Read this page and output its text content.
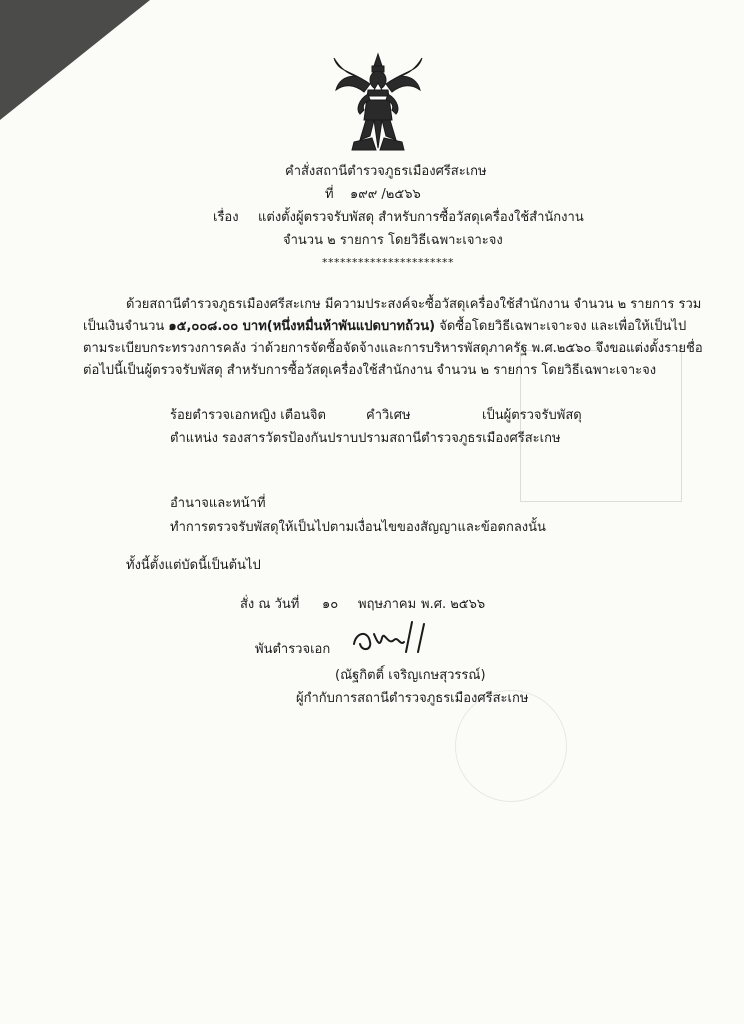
คำสั่งสถานีตำรวจภูธรเมืองศรีสะเกษ
ที่ ๑๙๙ /๒๕๖๖
เรื่อง แต่งตั้งผู้ตรวจรับพัสดุ สำหรับการซื้อวัสดุเครื่องใช้สำนักงาน
จำนวน ๒ รายการ โดยวิธีเฉพาะเจาะจง
**********************
ด้วยสถานีตำรวจภูธรเมืองศรีสะเกษ มีความประสงค์จะซื้อวัสดุเครื่องใช้สำนักงาน จำนวน ๒ รายการ รวม
เป็นเงินจำนวน ๑๕,๐๐๘.๐๐ บาท(หนึ่งหมื่นห้าพันแปดบาทถ้วน) จัดซื้อโดยวิธีเฉพาะเจาะจง และเพื่อให้เป็นไป
ตามระเบียบกระทรวงการคลัง ว่าด้วยการจัดซื้อจัดจ้างและการบริหารพัสดุภาครัฐ พ.ศ.๒๕๖๐ จึงขอแต่งตั้งรายชื่อ
ต่อไปนี้เป็นผู้ตรวจรับพัสดุ สำหรับการซื้อวัสดุเครื่องใช้สำนักงาน จำนวน ๒ รายการ โดยวิธีเฉพาะเจาะจง
ร้อยตำรวจเอกหญิง เตือนจิต	คำวิเศษ	เป็นผู้ตรวจรับพัสดุ
ตำแหน่ง รองสารวัตรป้องกันปราบปรามสถานีตำรวจภูธรเมืองศรีสะเกษ
อำนาจและหน้าที่
ทำการตรวจรับพัสดุให้เป็นไปตามเงื่อนไขของสัญญาและข้อตกลงนั้น
ทั้งนี้ตั้งแต่บัดนี้เป็นต้นไป
สั่ง ณ วันที่ ๑๐ พฤษภาคม พ.ศ. ๒๕๖๖
พันตำรวจเอก
(ณัฐกิตติ์ เจริญเกษสุวรรณ์)
ผู้กำกับการสถานีตำรวจภูธรเมืองศรีสะเกษ
